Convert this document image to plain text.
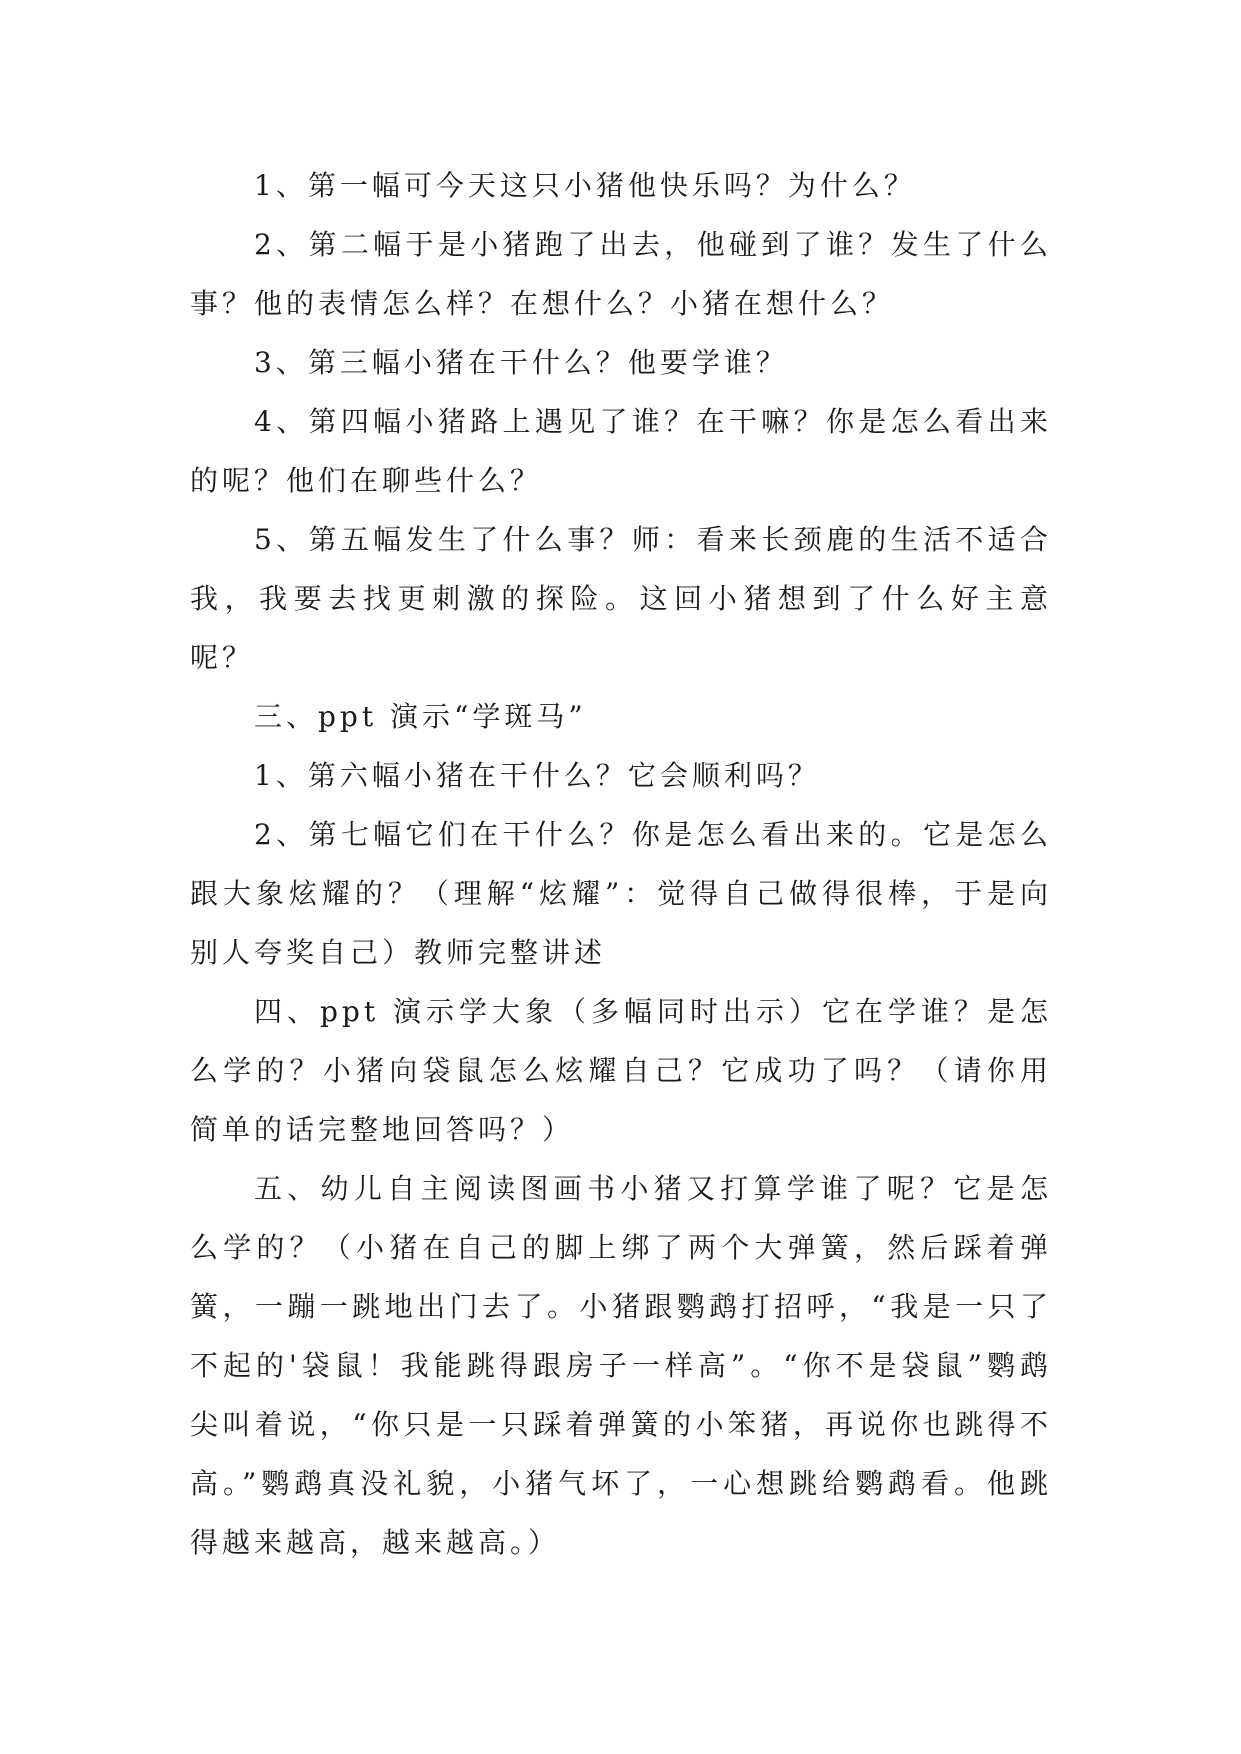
1、第一幅可今天这只小猪他快乐吗？为什么？

2、第二幅于是小猪跑了出去，他碰到了谁？发生了什么事？他的表情怎么样？在想什么？小猪在想什么？

3、第三幅小猪在干什么？他要学谁？

4、第四幅小猪路上遇见了谁？在干嘛？你是怎么看出来的呢？他们在聊些什么？

5、第五幅发生了什么事？师：看来长颈鹿的生活不适合我，我要去找更刺激的探险。这回小猪想到了什么好主意呢？

三、ppt 演示“学斑马”

1、第六幅小猪在干什么？它会顺利吗？

2、第七幅它们在干什么？你是怎么看出来的。它是怎么跟大象炫耀的？（理解“炫耀”：觉得自己做得很棒，于是向别人夸奖自己）教师完整讲述

四、ppt 演示学大象（多幅同时出示）它在学谁？是怎么学的？小猪向袋鼠怎么炫耀自己？它成功了吗？（请你用简单的话完整地回答吗？）

五、幼儿自主阅读图画书小猪又打算学谁了呢？它是怎么学的？（小猪在自己的脚上绑了两个大弹簧，然后踩着弹簧，一蹦一跳地出门去了。小猪跟鹦鹉打招呼，“我是一只了不起的'袋鼠！我能跳得跟房子一样高”。“你不是袋鼠”鹦鹉尖叫着说，“你只是一只踩着弹簧的小笨猪，再说你也跳得不高。”鹦鹉真没礼貌，小猪气坏了，一心想跳给鹦鹉看。他跳得越来越高，越来越高。）
